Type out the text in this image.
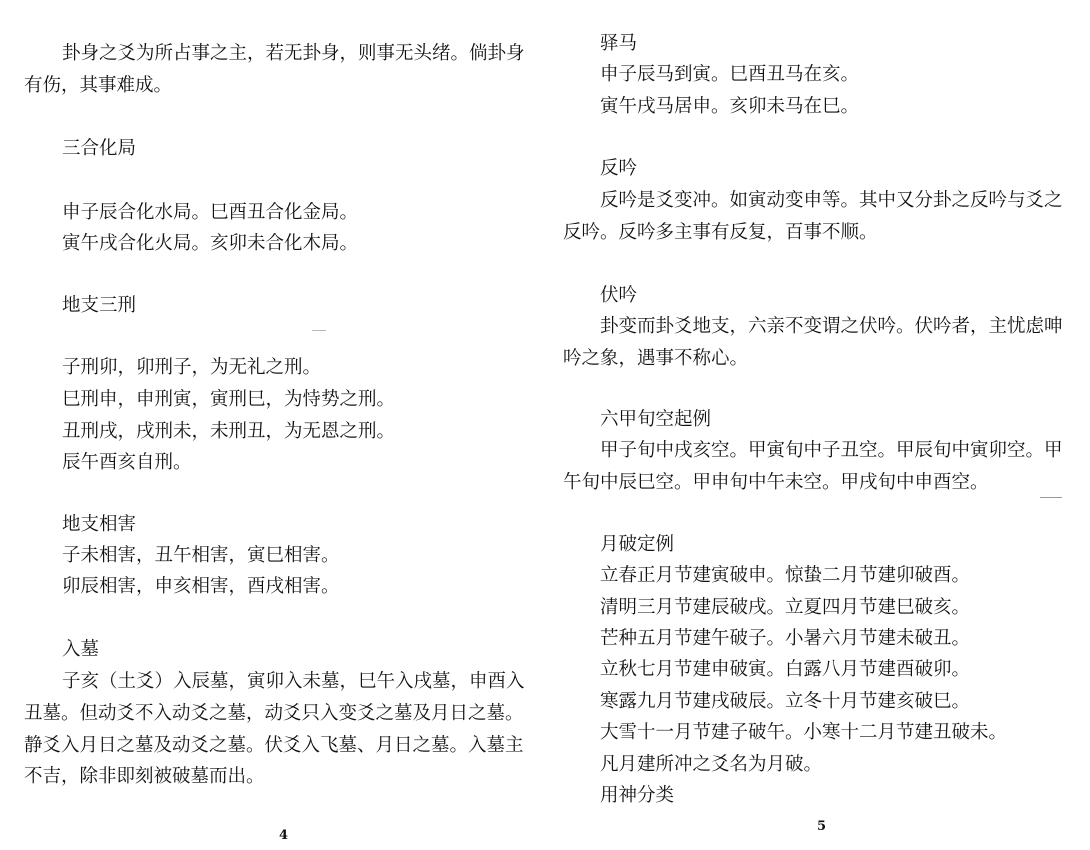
卦身之爻为所占事之主，若无卦身，则事无头绪。倘卦身
有伤，其事难成。
三合化局
申子辰合化水局。巳酉丑合化金局。
寅午戌合化火局。亥卯未合化木局。
地支三刑
子刑卯，卯刑子，为无礼之刑。
巳刑申，申刑寅，寅刑巳，为恃势之刑。
丑刑戌，戌刑未，未刑丑，为无恩之刑。
辰午酉亥自刑。
地支相害
子未相害，丑午相害，寅巳相害。
卯辰相害，申亥相害，酉戌相害。
入墓
子亥（土爻）入辰墓，寅卯入未墓，巳午入戌墓，申酉入
丑墓。但动爻不入动爻之墓，动爻只入变爻之墓及月日之墓。
静爻入月日之墓及动爻之墓。伏爻入飞墓、月日之墓。入墓主
不吉，除非即刻被破墓而出。
4
驿马
申子辰马到寅。巳酉丑马在亥。
寅午戌马居申。亥卯未马在巳。
反吟
反吟是爻变冲。如寅动变申等。其中又分卦之反吟与爻之
反吟。反吟多主事有反复，百事不顺。
伏吟
卦变而卦爻地支，六亲不变谓之伏吟。伏吟者，主忧虑呻
吟之象，遇事不称心。
六甲旬空起例
甲子旬中戌亥空。甲寅旬中子丑空。甲辰旬中寅卯空。甲
午旬中辰巳空。甲申旬中午未空。甲戌旬中申酉空。
月破定例
立春正月节建寅破申。惊蛰二月节建卯破酉。
清明三月节建辰破戌。立夏四月节建巳破亥。
芒种五月节建午破子。小暑六月节建未破丑。
立秋七月节建申破寅。白露八月节建酉破卯。
寒露九月节建戌破辰。立冬十月节建亥破巳。
大雪十一月节建子破午。小寒十二月节建丑破未。
凡月建所冲之爻名为月破。
用神分类
5
